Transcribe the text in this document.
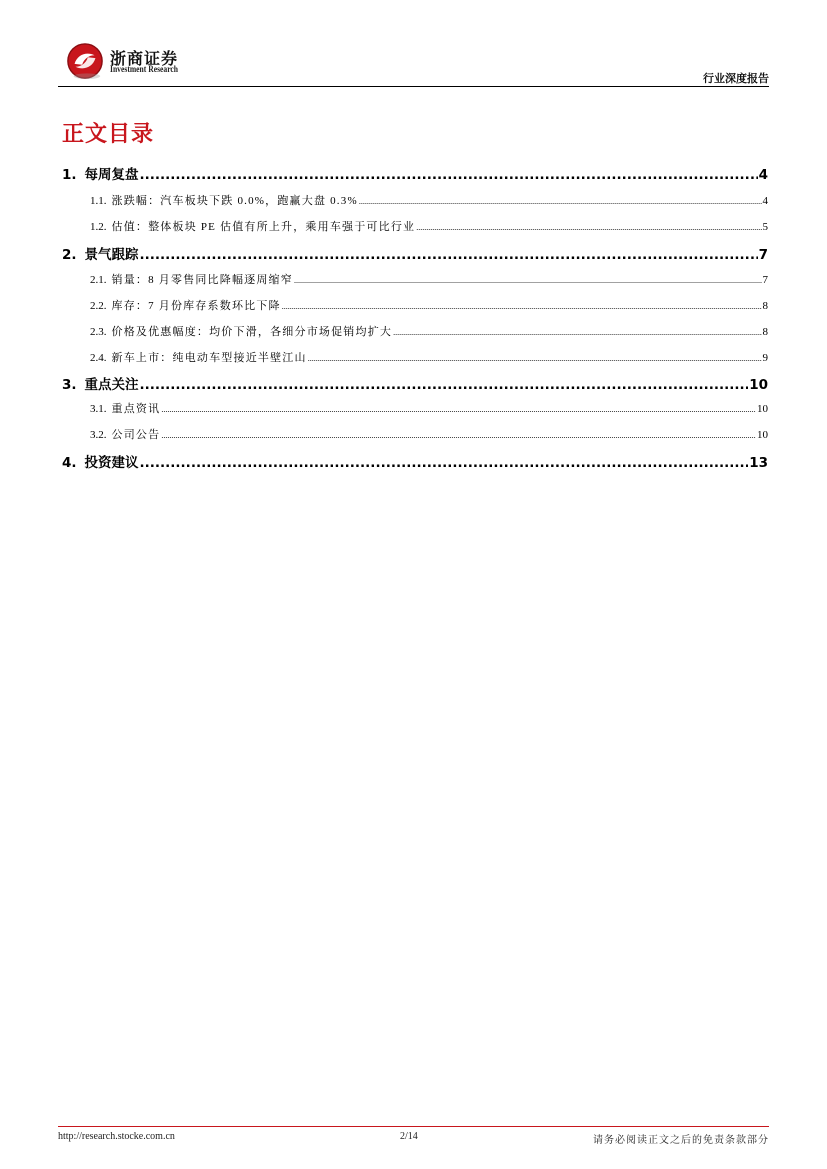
浙商证券
Investment Research
行业深度报告
正文目录
1. 每周复盘 .....	4
1.1. 涨跌幅：汽车板块下跌 0.0%，跑赢大盘 0.3% .....	4
1.2. 估值：整体板块 PE 估值有所上升，乘用车强于可比行业 .....	5
2. 景气跟踪 .....	7
2.1. 销量：8 月零售同比降幅逐周缩窄 .....	7
2.2. 库存：7 月份库存系数环比下降 .....	8
2.3. 价格及优惠幅度：均价下滑，各细分市场促销均扩大 .....	8
2.4. 新车上市：纯电动车型接近半壁江山 .....	9
3. 重点关注 .....	10
3.1. 重点资讯 .....	10
3.2. 公司公告 .....	10
4. 投资建议 .....	13
http://research.stocke.com.cn	2/14	请务必阅读正文之后的免责条款部分
